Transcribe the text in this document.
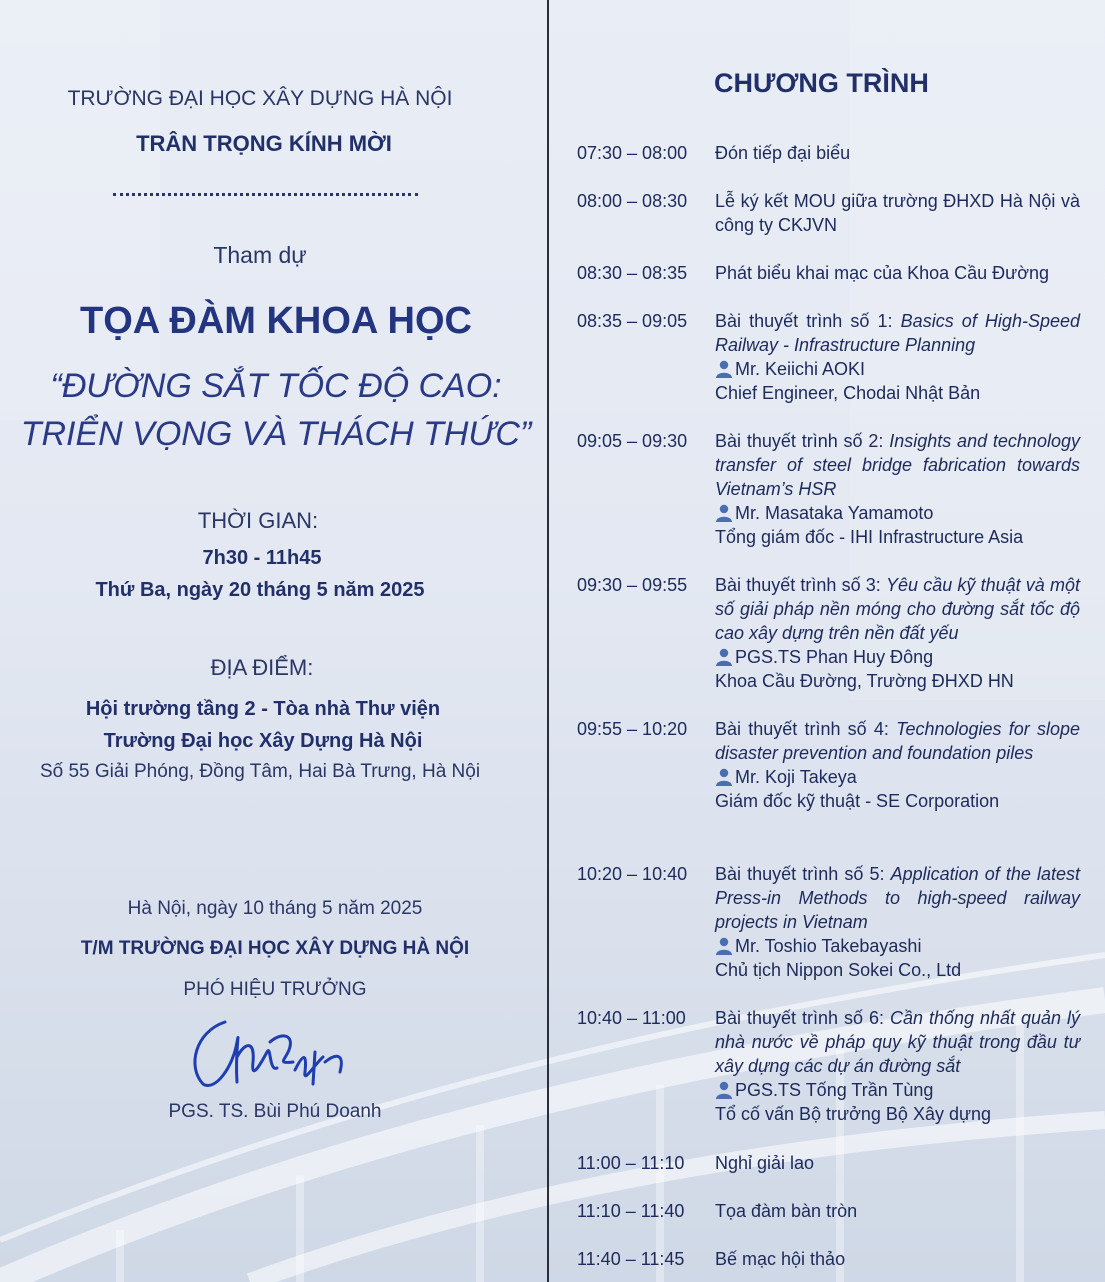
TRƯỜNG ĐẠI HỌC XÂY DỰNG HÀ NỘI
TRÂN TRỌNG KÍNH MỜI
Tham dự
TỌA ĐÀM KHOA HỌC
“ĐƯỜNG SẮT TỐC ĐỘ CAO:
TRIỂN VỌNG VÀ THÁCH THỨC”
THỜI GIAN:
7h30 - 11h45
Thứ Ba, ngày 20 tháng 5 năm 2025
ĐỊA ĐIỂM:
Hội trường tầng 2 - Tòa nhà Thư viện
Trường Đại học Xây Dựng Hà Nội
Số 55 Giải Phóng, Đồng Tâm, Hai Bà Trưng, Hà Nội
Hà Nội, ngày 10 tháng 5 năm 2025
T/M TRƯỜNG ĐẠI HỌC XÂY DỰNG HÀ NỘI
PHÓ HIỆU TRƯỞNG
PGS. TS. Bùi Phú Doanh
CHƯƠNG TRÌNH
07:30 – 08:00	Đón tiếp đại biểu
08:00 – 08:30	Lễ ký kết MOU giữa trường ĐHXD Hà Nội và công ty CKJVN
08:30 – 08:35	Phát biểu khai mạc của Khoa Cầu Đường
08:35 – 09:05	Bài thuyết trình số 1: Basics of High-Speed Railway - Infrastructure Planning
Mr. Keiichi AOKI
Chief Engineer, Chodai Nhật Bản
09:05 – 09:30	Bài thuyết trình số 2: Insights and technology transfer of steel bridge fabrication towards Vietnam’s HSR
Mr. Masataka Yamamoto
Tổng giám đốc - IHI Infrastructure Asia
09:30 – 09:55	Bài thuyết trình số 3: Yêu cầu kỹ thuật và một số giải pháp nền móng cho đường sắt tốc độ cao xây dựng trên nền đất yếu
PGS.TS Phan Huy Đông
Khoa Cầu Đường, Trường ĐHXD HN
09:55 – 10:20	Bài thuyết trình số 4: Technologies for slope disaster prevention and foundation piles
Mr. Koji Takeya
Giám đốc kỹ thuật - SE Corporation
10:20 – 10:40	Bài thuyết trình số 5: Application of the latest Press-in Methods to high-speed railway projects in Vietnam
Mr. Toshio Takebayashi
Chủ tịch Nippon Sokei Co., Ltd
10:40 – 11:00	Bài thuyết trình số 6: Cần thống nhất quản lý nhà nước về pháp quy kỹ thuật trong đầu tư xây dựng các dự án đường sắt
PGS.TS Tống Trần Tùng
Tổ cố vấn Bộ trưởng Bộ Xây dựng
11:00 – 11:10	Nghỉ giải lao
11:10 – 11:40	Tọa đàm bàn tròn
11:40 – 11:45	Bế mạc hội thảo
